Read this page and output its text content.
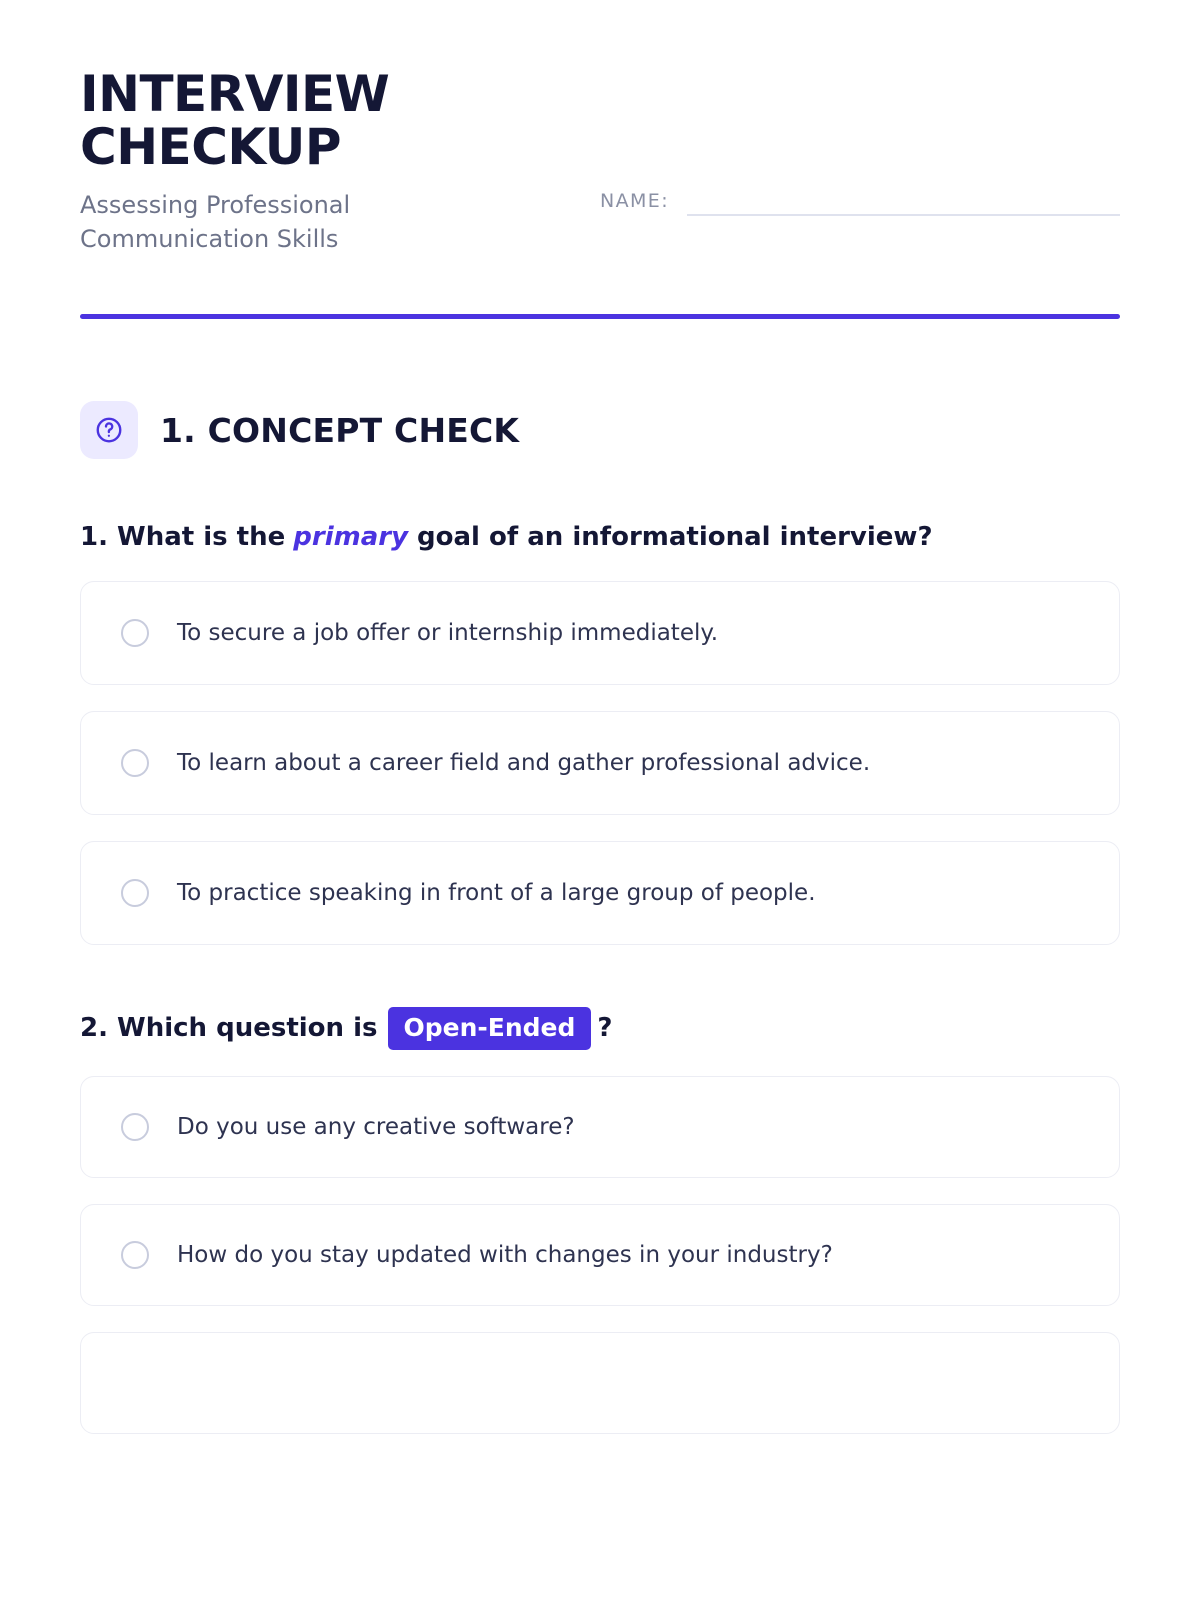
INTERVIEW CHECKUP
Assessing Professional Communication Skills
NAME:
1. CONCEPT CHECK
1.
What is the primary goal of an informational interview?
To secure a job offer or internship immediately.
To learn about a career field and gather professional advice.
To practice speaking in front of a large group of people.
2.
Which question is	Open-Ended ?
Do you use any creative software?
How do you stay updated with changes in your industry?
